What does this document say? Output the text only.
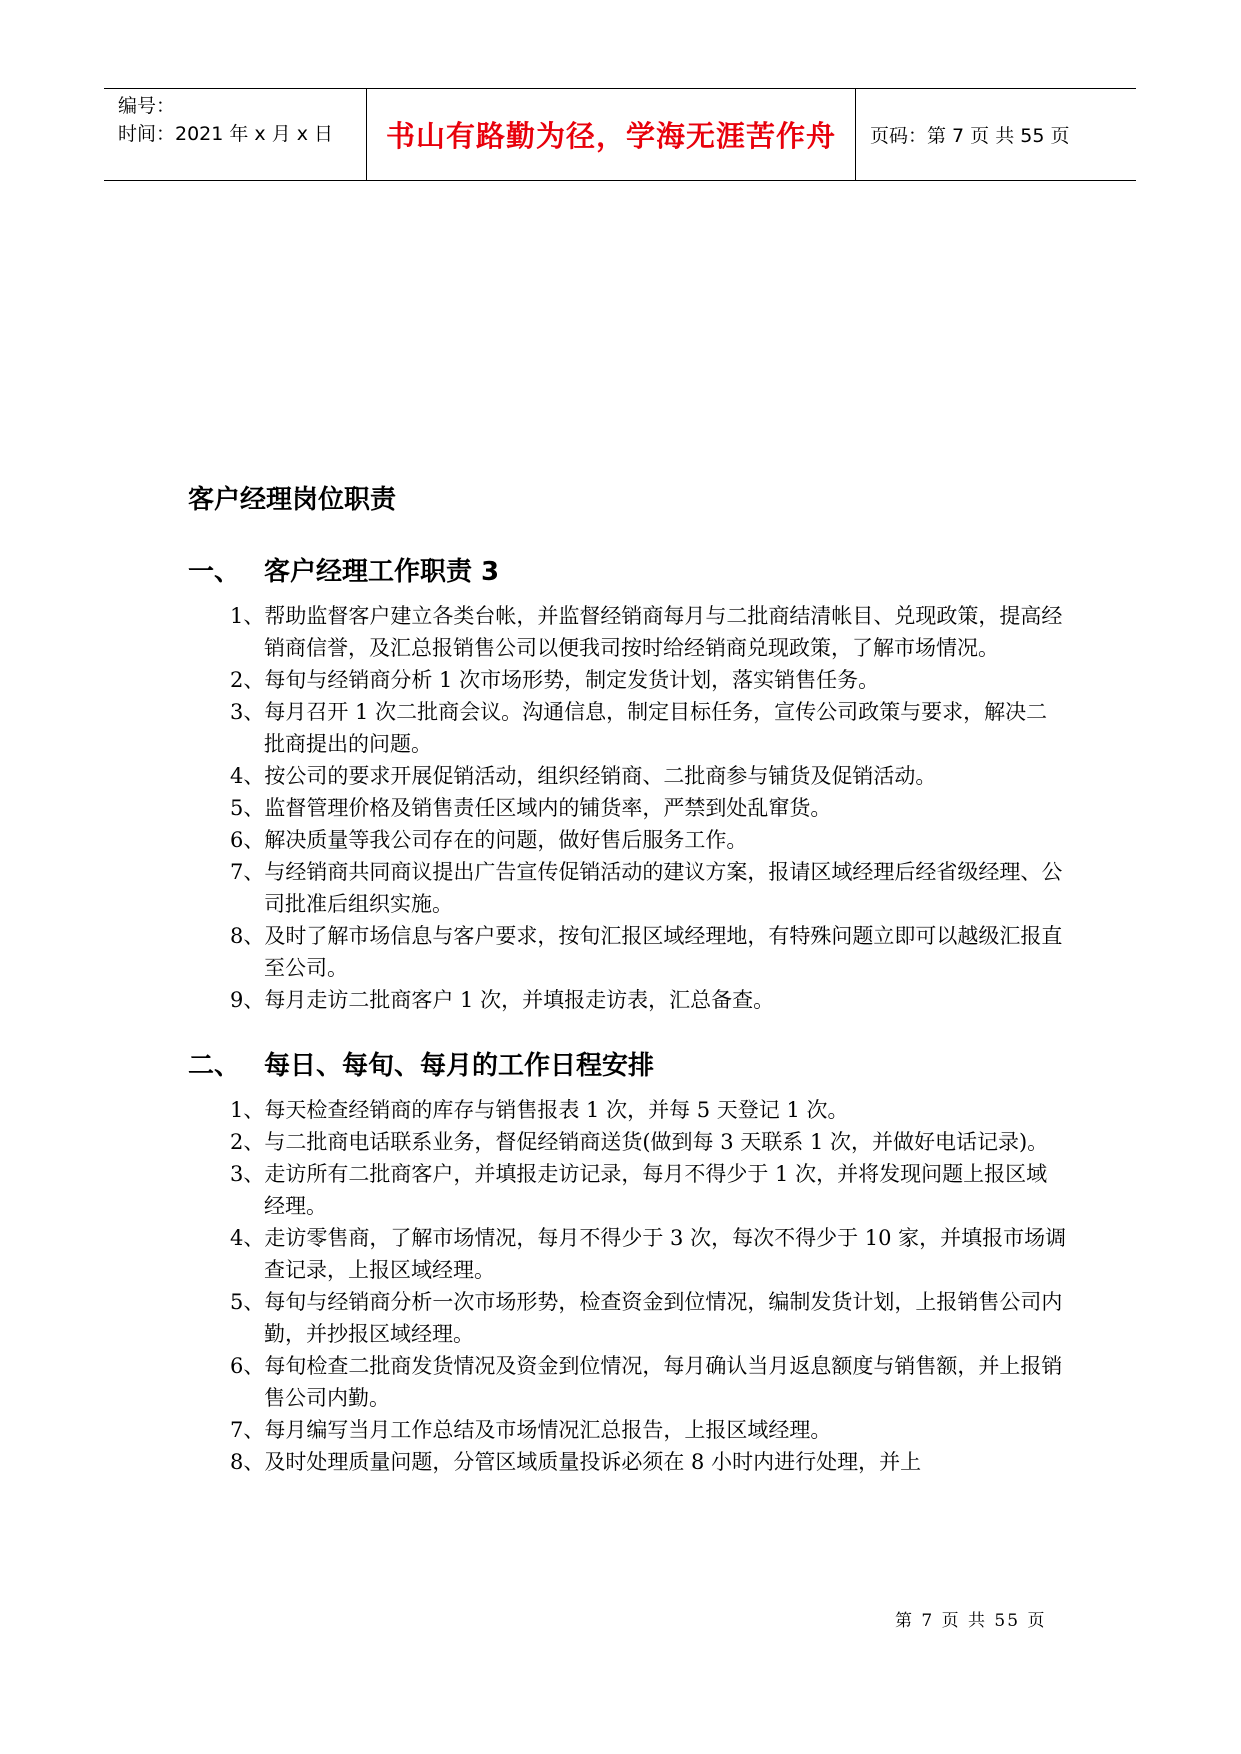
编号：
时间：2021 年 x 月 x 日	书山有路勤为径，学海无涯苦作舟	页码：第 7 页 共 55 页
客户经理岗位职责
一、 客户经理工作职责 3
1、帮助监督客户建立各类台帐，并监督经销商每月与二批商结清帐目、兑现政策，提高经销商信誉，及汇总报销售公司以便我司按时给经销商兑现政策，了解市场情况。
2、每旬与经销商分析 1 次市场形势，制定发货计划，落实销售任务。
3、每月召开 1 次二批商会议。沟通信息，制定目标任务，宣传公司政策与要求，解决二批商提出的问题。
4、按公司的要求开展促销活动，组织经销商、二批商参与铺货及促销活动。
5、监督管理价格及销售责任区域内的铺货率，严禁到处乱窜货。
6、解决质量等我公司存在的问题，做好售后服务工作。
7、与经销商共同商议提出广告宣传促销活动的建议方案，报请区域经理后经省级经理、公司批准后组织实施。
8、及时了解市场信息与客户要求，按旬汇报区域经理地，有特殊问题立即可以越级汇报直至公司。
9、每月走访二批商客户 1 次，并填报走访表，汇总备查。
二、 每日、每旬、每月的工作日程安排
1、每天检查经销商的库存与销售报表 1 次，并每 5 天登记 1 次。
2、与二批商电话联系业务，督促经销商送货(做到每 3 天联系 1 次，并做好电话记录)。
3、走访所有二批商客户，并填报走访记录，每月不得少于 1 次，并将发现问题上报区域经理。
4、走访零售商，了解市场情况，每月不得少于 3 次，每次不得少于 10 家，并填报市场调查记录，上报区域经理。
5、每旬与经销商分析一次市场形势，检查资金到位情况，编制发货计划，上报销售公司内勤，并抄报区域经理。
6、每旬检查二批商发货情况及资金到位情况，每月确认当月返息额度与销售额，并上报销售公司内勤。
7、每月编写当月工作总结及市场情况汇总报告，上报区域经理。
8、及时处理质量问题，分管区域质量投诉必须在 8 小时内进行处理，并上
第 7 页 共 55 页
